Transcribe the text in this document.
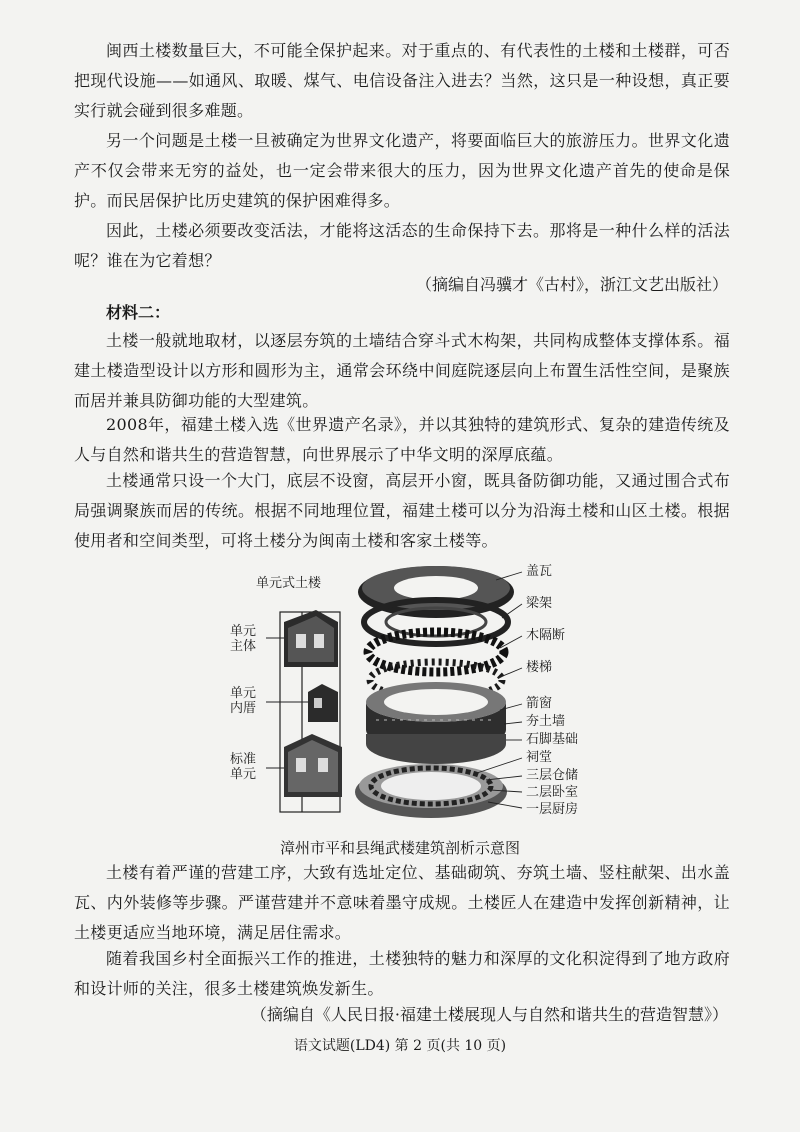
闽西土楼数量巨大，不可能全保护起来。对于重点的、有代表性的土楼和土楼群，可否把现代设施——如通风、取暖、煤气、电信设备注入进去？当然，这只是一种设想，真正要实行就会碰到很多难题。

另一个问题是土楼一旦被确定为世界文化遗产，将要面临巨大的旅游压力。世界文化遗产不仅会带来无穷的益处，也一定会带来很大的压力，因为世界文化遗产首先的使命是保护。而民居保护比历史建筑的保护困难得多。

因此，土楼必须要改变活法，才能将这活态的生命保持下去。那将是一种什么样的活法呢？谁在为它着想？

（摘编自冯骥才《古村》，浙江文艺出版社）

材料二：

土楼一般就地取材，以逐层夯筑的土墙结合穿斗式木构架，共同构成整体支撑体系。福建土楼造型设计以方形和圆形为主，通常会环绕中间庭院逐层向上布置生活性空间，是聚族而居并兼具防御功能的大型建筑。

2008年，福建土楼入选《世界遗产名录》，并以其独特的建筑形式、复杂的建造传统及人与自然和谐共生的营造智慧，向世界展示了中华文明的深厚底蕴。

土楼通常只设一个大门，底层不设窗，高层开小窗，既具备防御功能，又通过围合式布局强调聚族而居的传统。根据不同地理位置，福建土楼可以分为沿海土楼和山区土楼。根据使用者和空间类型，可将土楼分为闽南土楼和客家土楼等。

单元式土楼

单元
主体

单元
内厝

标准
单元

盖瓦

梁架

木隔断

楼梯

箭窗

夯土墙

石脚基础

祠堂

三层仓储

二层卧室

一层厨房

漳州市平和县绳武楼建筑剖析示意图

土楼有着严谨的营建工序，大致有选址定位、基础砌筑、夯筑土墙、竖柱献架、出水盖瓦、内外装修等步骤。严谨营建并不意味着墨守成规。土楼匠人在建造中发挥创新精神，让土楼更适应当地环境，满足居住需求。

随着我国乡村全面振兴工作的推进，土楼独特的魅力和深厚的文化积淀得到了地方政府和设计师的关注，很多土楼建筑焕发新生。

（摘编自《人民日报·福建土楼展现人与自然和谐共生的营造智慧》）

语文试题(LD4) 第 2 页(共 10 页)
